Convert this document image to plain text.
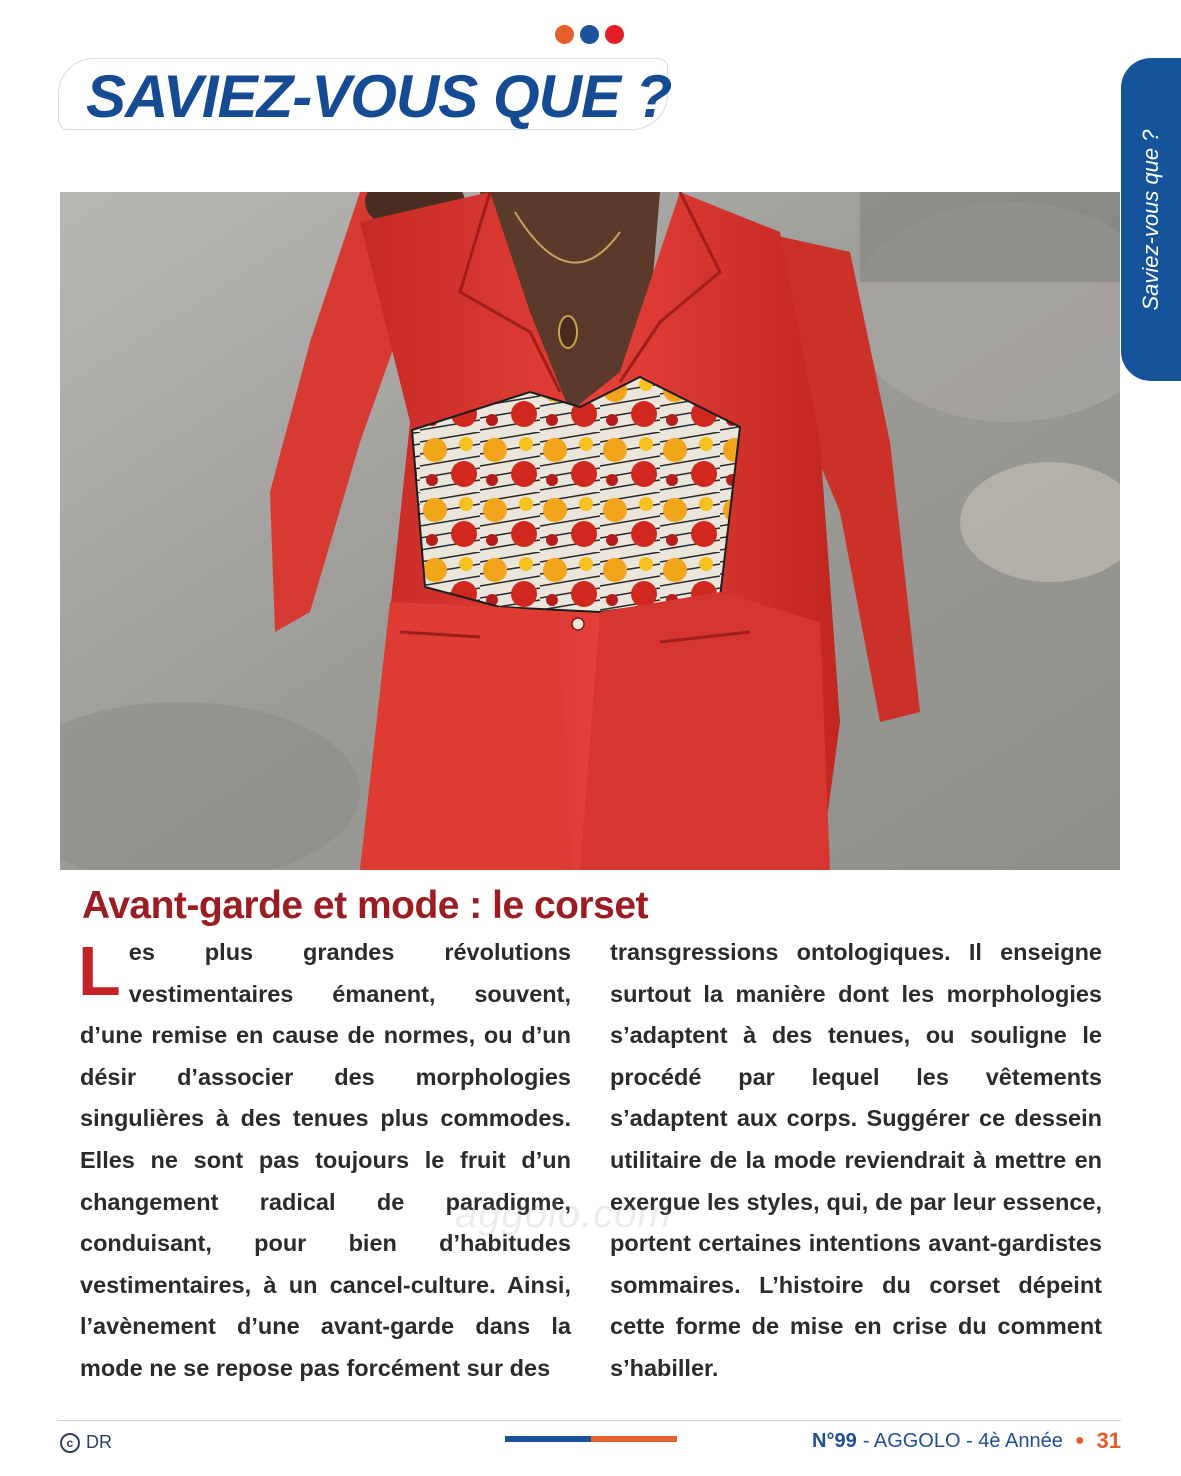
SAVIEZ-VOUS QUE ?
Saviez-vous que ?
Avant-garde et mode : le corset

Les plus grandes révolutions vestimentaires émanent, souvent, d’une remise en cause de normes, ou d’un désir d’associer des morphologies singulières à des tenues plus commodes. Elles ne sont pas toujours le fruit d’un changement radical de paradigme, conduisant, pour bien d’habitudes vestimentaires, à un cancel-culture. Ainsi, l’avènement d’une avant-garde dans la mode ne se repose pas forcément sur des

transgressions ontologiques. Il enseigne surtout la manière dont les morphologies s’adaptent à des tenues, ou souligne le procédé par lequel les vêtements s’adaptent aux corps. Suggérer ce dessein utilitaire de la mode reviendrait à mettre en exergue les styles, qui, de par leur essence, portent certaines intentions avant-gardistes sommaires. L’histoire du corset dépeint cette forme de mise en crise du comment s’habiller.

aggolo.com
c DR	N°99 - AGGOLO - 4è Année ● 31
